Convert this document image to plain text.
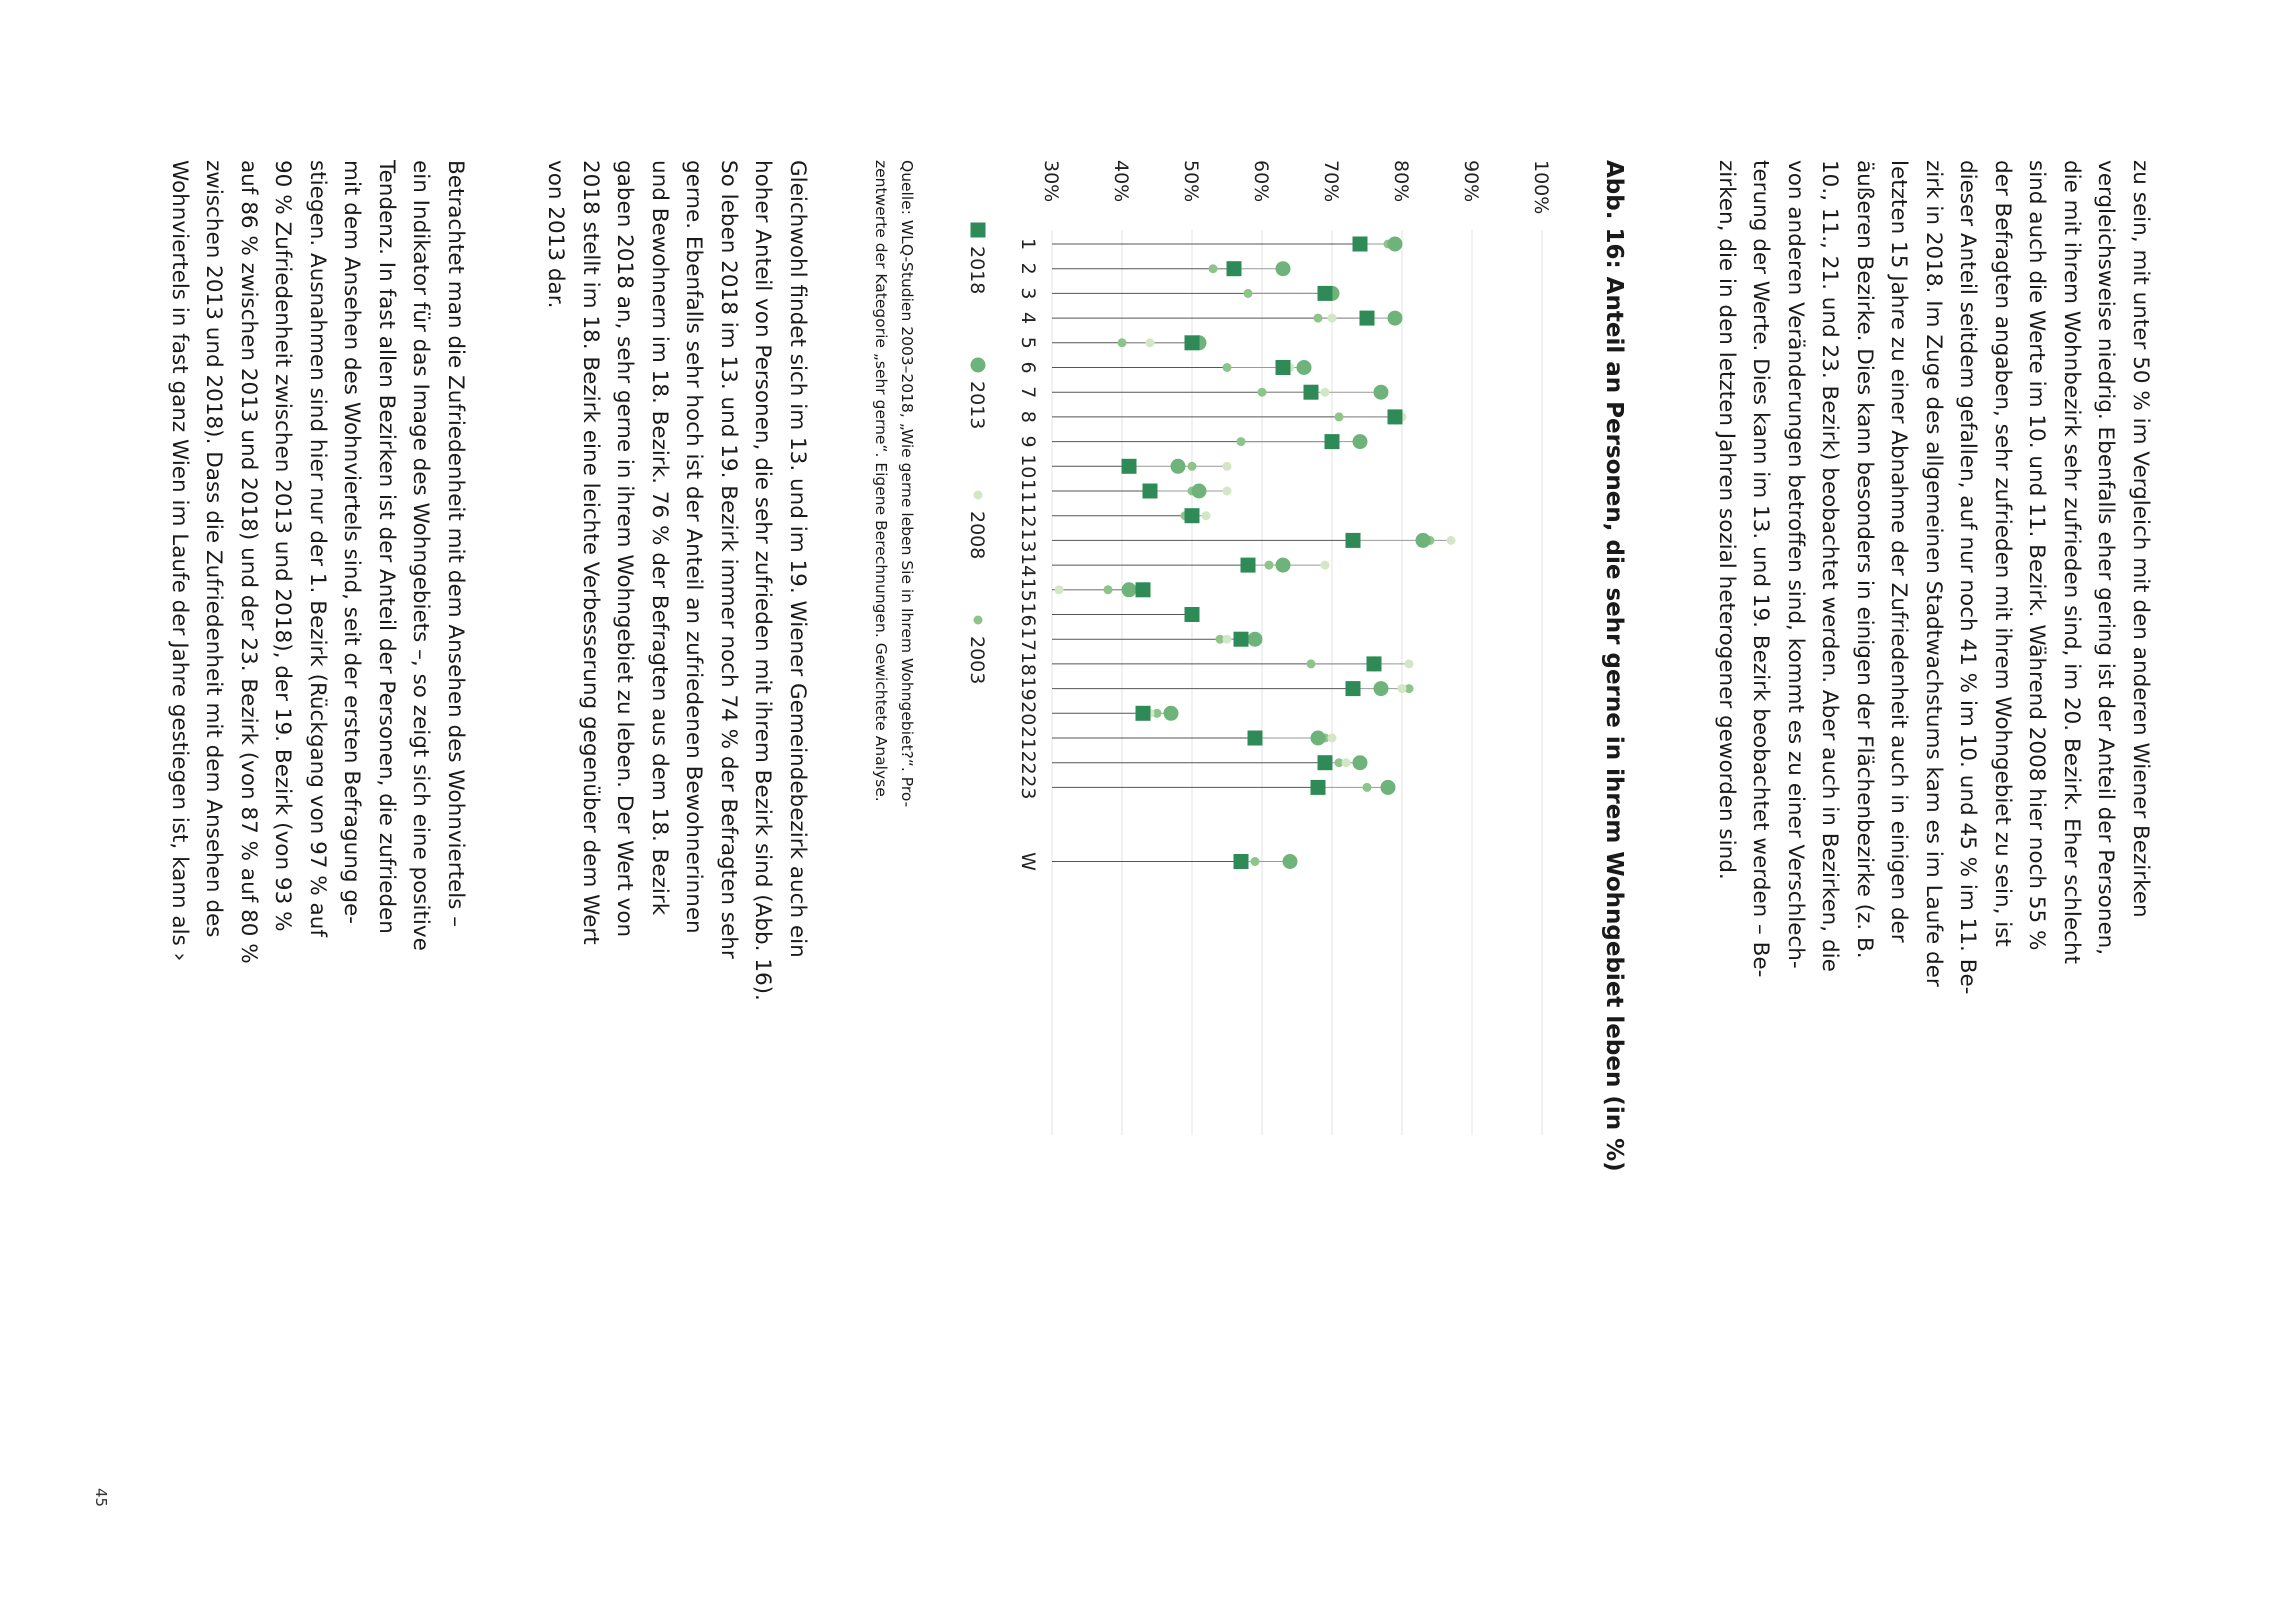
zu sein, mit unter 50 % im Vergleich mit den anderen Wiener Bezirken
vergleichsweise niedrig. Ebenfalls eher gering ist der Anteil der Personen,
die mit ihrem Wohnbezirk sehr zufrieden sind, im 20. Bezirk. Eher schlecht
sind auch die Werte im 10. und 11. Bezirk. Während 2008 hier noch 55 %
der Befragten angaben, sehr zufrieden mit ihrem Wohngebiet zu sein, ist
dieser Anteil seitdem gefallen, auf nur noch 41 % im 10. und 45 % im 11. Be-
zirk in 2018. Im Zuge des allgemeinen Stadtwachstums kam es im Laufe der
letzten 15 Jahre zu einer Abnahme der Zufriedenheit auch in einigen der
äußeren Bezirke. Dies kann besonders in einigen der Flächenbezirke (z. B.
10., 11., 21. und 23. Bezirk) beobachtet werden. Aber auch in Bezirken, die
von anderen Veränderungen betroffen sind, kommt es zu einer Verschlech-
terung der Werte. Dies kann im 13. und 19. Bezirk beobachtet werden – Be-
zirken, die in den letzten Jahren sozial heterogener geworden sind.
Abb. 16: Anteil an Personen, die sehr gerne in ihrem Wohngebiet leben (in %)
100%
90%
80%
70%
60%
50%
40%
30%
1
2
3
4
5
6
7
8
9
10
11
12
13
14
15
16
17
18
19
20
21
22
23
W
2018
2013
2008
2003
Quelle: WLQ-Studien 2003–2018, „Wie gerne leben Sie in Ihrem Wohngebiet?“. Pro-
zentwerte der Kategorie „sehr gerne“. Eigene Berechnungen. Gewichtete Analyse.
Gleichwohl findet sich im 13. und im 19. Wiener Gemeindebezirk auch ein
hoher Anteil von Personen, die sehr zufrieden mit ihrem Bezirk sind (Abb. 16).
So leben 2018 im 13. und 19. Bezirk immer noch 74 % der Befragten sehr
gerne. Ebenfalls sehr hoch ist der Anteil an zufriedenen Bewohnerinnen
und Bewohnern im 18. Bezirk. 76 % der Befragten aus dem 18. Bezirk
gaben 2018 an, sehr gerne in ihrem Wohngebiet zu leben. Der Wert von
2018 stellt im 18. Bezirk eine leichte Verbesserung gegenüber dem Wert
von 2013 dar.
Betrachtet man die Zufriedenheit mit dem Ansehen des Wohnviertels –
ein Indikator für das Image des Wohngebiets –, so zeigt sich eine positive
Tendenz. In fast allen Bezirken ist der Anteil der Personen, die zufrieden
mit dem Ansehen des Wohnviertels sind, seit der ersten Befragung ge-
stiegen. Ausnahmen sind hier nur der 1. Bezirk (Rückgang von 97 % auf
90 % Zufriedenheit zwischen 2013 und 2018), der 19. Bezirk (von 93 %
auf 86 % zwischen 2013 und 2018) und der 23. Bezirk (von 87 % auf 80 %
zwischen 2013 und 2018). Dass die Zufriedenheit mit dem Ansehen des
Wohnviertels in fast ganz Wien im Laufe der Jahre gestiegen ist, kann als ›
45
